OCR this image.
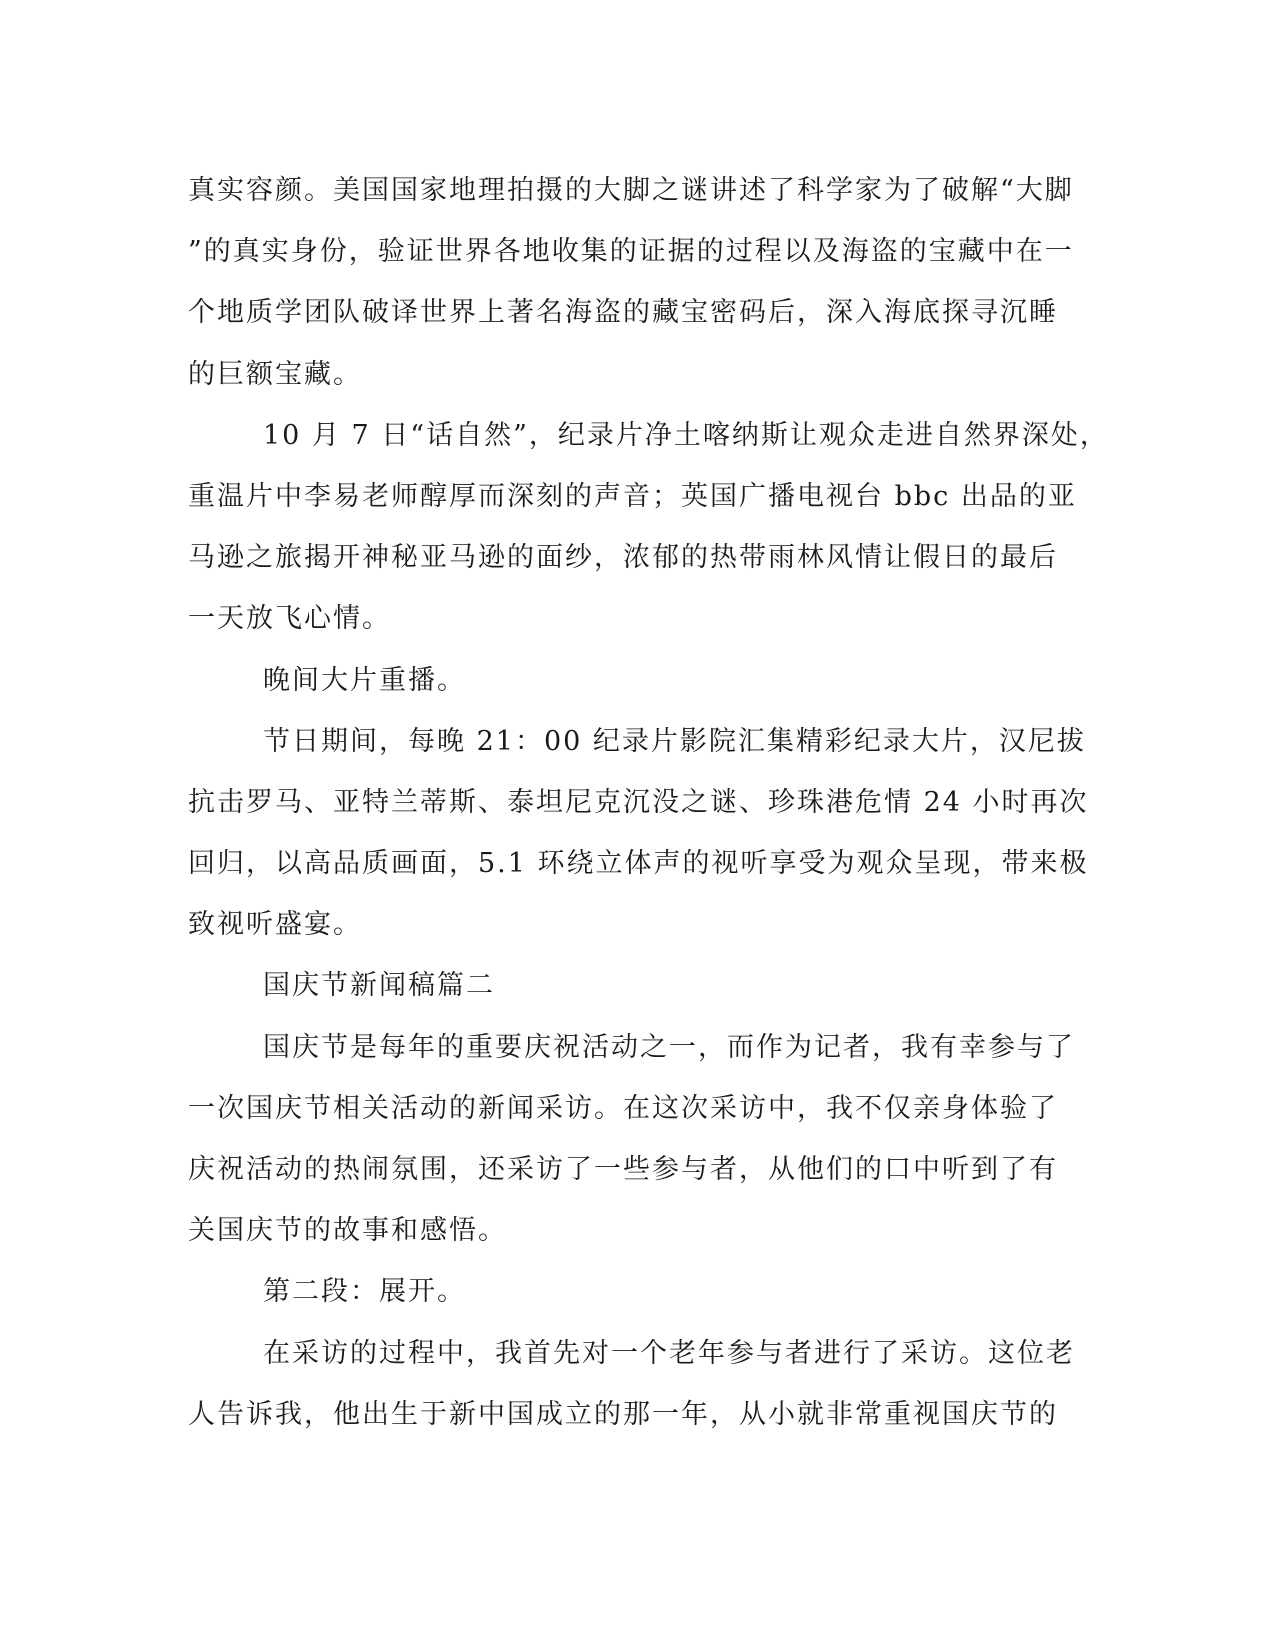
真实容颜。美国国家地理拍摄的大脚之谜讲述了科学家为了破解“大脚
”的真实身份，验证世界各地收集的证据的过程以及海盗的宝藏中在一
个地质学团队破译世界上著名海盗的藏宝密码后，深入海底探寻沉睡
的巨额宝藏。
10 月 7 日“话自然”，纪录片净土喀纳斯让观众走进自然界深处，
重温片中李易老师醇厚而深刻的声音；英国广播电视台 bbc 出品的亚
马逊之旅揭开神秘亚马逊的面纱，浓郁的热带雨林风情让假日的最后
一天放飞心情。
晚间大片重播。
节日期间，每晚 21：00 纪录片影院汇集精彩纪录大片，汉尼拔
抗击罗马、亚特兰蒂斯、泰坦尼克沉没之谜、珍珠港危情 24 小时再次
回归，以高品质画面，5.1 环绕立体声的视听享受为观众呈现，带来极
致视听盛宴。
国庆节新闻稿篇二
国庆节是每年的重要庆祝活动之一，而作为记者，我有幸参与了
一次国庆节相关活动的新闻采访。在这次采访中，我不仅亲身体验了
庆祝活动的热闹氛围，还采访了一些参与者，从他们的口中听到了有
关国庆节的故事和感悟。
第二段：展开。
在采访的过程中，我首先对一个老年参与者进行了采访。这位老
人告诉我，他出生于新中国成立的那一年，从小就非常重视国庆节的
